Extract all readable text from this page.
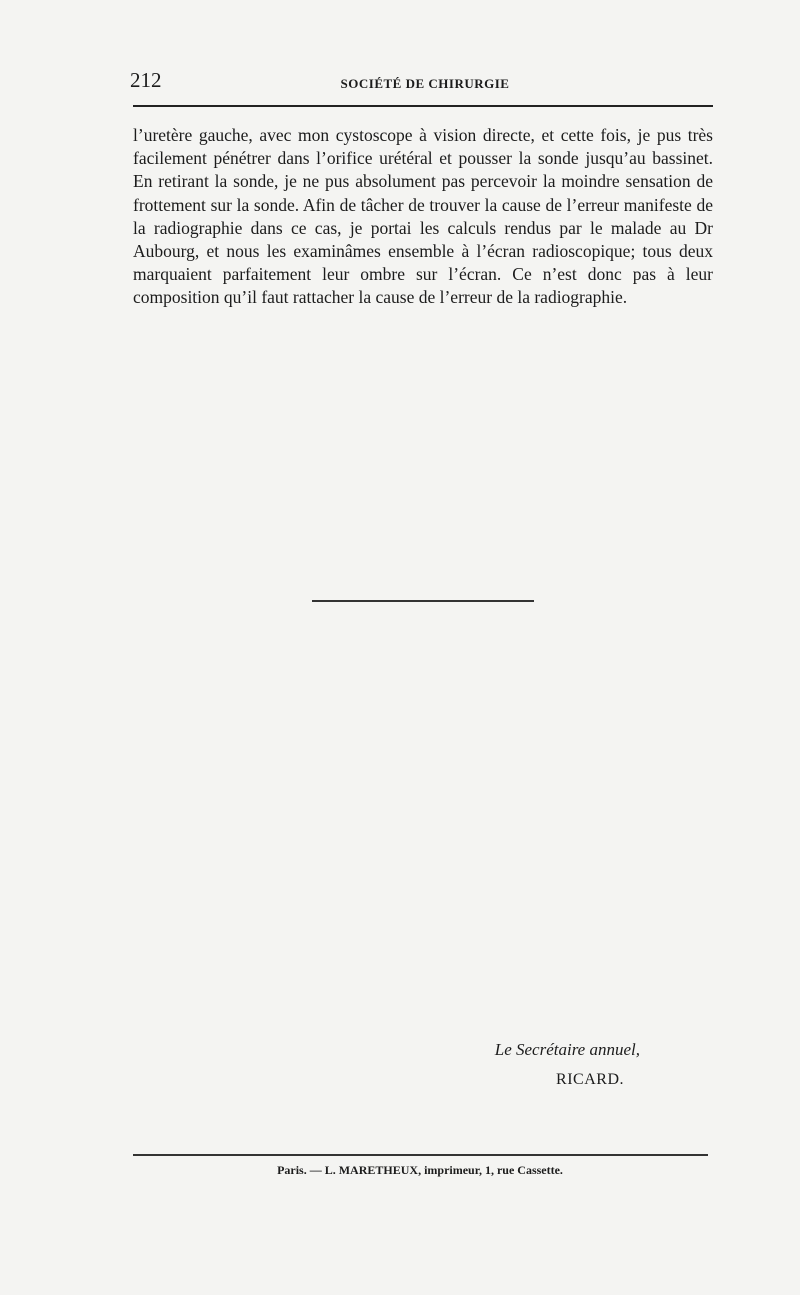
212	SOCIÉTÉ DE CHIRURGIE

l’uretère gauche, avec mon cystoscope à vision directe, et cette fois, je pus très facilement pénétrer dans l’orifice urétéral et pousser la sonde jusqu’au bassinet. En retirant la sonde, je ne pus absolument pas percevoir la moindre sensation de frottement sur la sonde. Afin de tâcher de trouver la cause de l’erreur manifeste de la radiographie dans ce cas, je portai les calculs rendus par le malade au Dr Aubourg, et nous les examinâmes ensemble à l’écran radioscopique; tous deux marquaient parfaitement leur ombre sur l’écran. Ce n’est donc pas à leur composition qu’il faut rattacher la cause de l’erreur de la radiographie.

Le Secrétaire annuel,
RICARD.
Paris. — L. MARETHEUX, imprimeur, 1, rue Cassette.
